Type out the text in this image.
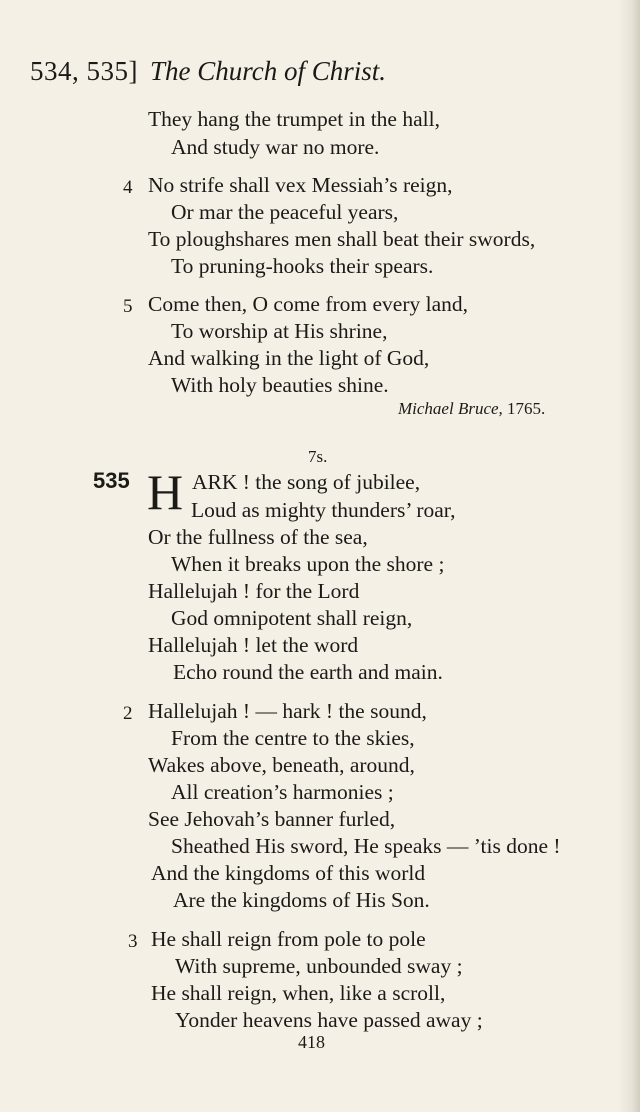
534, 535] The Church of Christ.
They hang the trumpet in the hall,
And study war no more.
4 No strife shall vex Messiah’s reign,
Or mar the peaceful years,
To ploughshares men shall beat their swords,
To pruning-hooks their spears.
5 Come then, O come from every land,
To worship at His shrine,
And walking in the light of God,
With holy beauties shine.
Michael Bruce, 1765.
7s.
535 H ARK ! the song of jubilee,
Loud as mighty thunders’ roar,
Or the fullness of the sea,
When it breaks upon the shore ;
Hallelujah ! for the Lord
God omnipotent shall reign,
Hallelujah ! let the word
Echo round the earth and main.
2 Hallelujah ! — hark ! the sound,
From the centre to the skies,
Wakes above, beneath, around,
All creation’s harmonies ;
See Jehovah’s banner furled,
Sheathed His sword, He speaks — ’tis done !
And the kingdoms of this world
Are the kingdoms of His Son.
3 He shall reign from pole to pole
With supreme, unbounded sway ;
He shall reign, when, like a scroll,
Yonder heavens have passed away ;
418
